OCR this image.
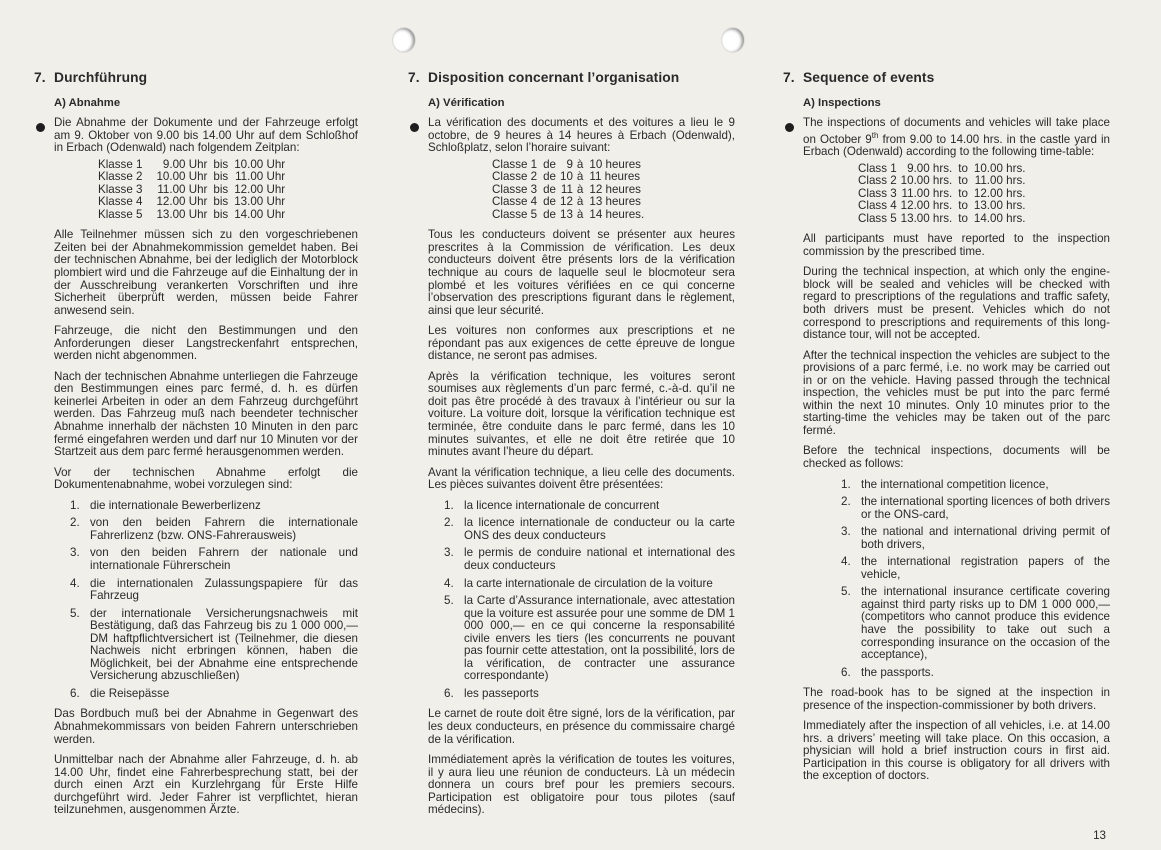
7. Durchführung
A) Abnahme

Die Abnahme der Dokumente und der Fahrzeuge erfolgt am 9. Oktober von 9.00 bis 14.00 Uhr auf dem Schloßhof in Erbach (Odenwald) nach folgendem Zeitplan:

Klasse 1	9.00 Uhr	bis	10.00 Uhr
Klasse 2	10.00 Uhr	bis	11.00 Uhr
Klasse 3	11.00 Uhr	bis	12.00 Uhr
Klasse 4	12.00 Uhr	bis	13.00 Uhr
Klasse 5	13.00 Uhr	bis	14.00 Uhr

Alle Teilnehmer müssen sich zu den vorgeschriebenen Zeiten bei der Abnahmekommission gemeldet haben. Bei der technischen Abnahme, bei der lediglich der Motorblock plombiert wird und die Fahrzeuge auf die Einhaltung der in der Ausschreibung verankerten Vorschriften und ihre Sicherheit überprüft werden, müssen beide Fahrer anwesend sein.

Fahrzeuge, die nicht den Bestimmungen und den Anforderungen dieser Langstreckenfahrt entsprechen, werden nicht abgenommen.

Nach der technischen Abnahme unterliegen die Fahrzeuge den Bestimmungen eines parc fermé, d. h. es dürfen keinerlei Arbeiten in oder an dem Fahrzeug durchgeführt werden. Das Fahrzeug muß nach beendeter technischer Abnahme innerhalb der nächsten 10 Minuten in den parc fermé eingefahren werden und darf nur 10 Minuten vor der Startzeit aus dem parc fermé herausgenommen werden.

Vor der technischen Abnahme erfolgt die Dokumentenabnahme, wobei vorzulegen sind:

1. die internationale Bewerberlizenz
2. von den beiden Fahrern die internationale Fahrerlizenz (bzw. ONS-Fahrerausweis)
3. von den beiden Fahrern der nationale und internationale Führerschein
4. die internationalen Zulassungspapiere für das Fahrzeug
5. der internationale Versicherungsnachweis mit Bestätigung, daß das Fahrzeug bis zu 1 000 000,— DM haftpflichtversichert ist (Teilnehmer, die diesen Nachweis nicht erbringen können, haben die Möglichkeit, bei der Abnahme eine entsprechende Versicherung abzuschließen)
6. die Reisepässe

Das Bordbuch muß bei der Abnahme in Gegenwart des Abnahmekommissars von beiden Fahrern unterschrieben werden.

Unmittelbar nach der Abnahme aller Fahrzeuge, d. h. ab 14.00 Uhr, findet eine Fahrerbesprechung statt, bei der durch einen Arzt ein Kurzlehrgang für Erste Hilfe durchgeführt wird. Jeder Fahrer ist verpflichtet, hieran teilzunehmen, ausgenommen Ärzte.

7. Disposition concernant l’organisation
A) Vérification

La vérification des documents et des voitures a lieu le 9 octobre, de 9 heures à 14 heures à Erbach (Odenwald), Schloßplatz, selon l’horaire suivant:

Classe 1	de	9	à	10 heures
Classe 2	de	10	à	11 heures
Classe 3	de	11	à	12 heures
Classe 4	de	12	à	13 heures
Classe 5	de	13	à	14 heures.

Tous les conducteurs doivent se présenter aux heures prescrites à la Commission de vérification. Les deux conducteurs doivent être présents lors de la vérification technique au cours de laquelle seul le blocmoteur sera plombé et les voitures vérifiées en ce qui concerne l’observation des prescriptions figurant dans le règlement, ainsi que leur sécurité.

Les voitures non conformes aux prescriptions et ne répondant pas aux exigences de cette épreuve de longue distance, ne seront pas admises.

Après la vérification technique, les voitures seront soumises aux règlements d’un parc fermé, c.-à-d. qu’il ne doit pas être procédé à des travaux à l’intérieur ou sur la voiture. La voiture doit, lorsque la vérification technique est terminée, être conduite dans le parc fermé, dans les 10 minutes suivantes, et elle ne doit être retirée que 10 minutes avant l’heure du départ.

Avant la vérification technique, a lieu celle des documents. Les pièces suivantes doivent être présentées:

1. la licence internationale de concurrent
2. la licence internationale de conducteur ou la carte ONS des deux conducteurs
3. le permis de conduire national et international des deux conducteurs
4. la carte internationale de circulation de la voiture
5. la Carte d’Assurance internationale, avec attestation que la voiture est assurée pour une somme de DM 1 000 000,— en ce qui concerne la responsabilité civile envers les tiers (les concurrents ne pouvant pas fournir cette attestation, ont la possibilité, lors de la vérification, de contracter une assurance correspondante)
6. les passeports

Le carnet de route doit être signé, lors de la vérification, par les deux conducteurs, en présence du commissaire chargé de la vérification.

Immédiatement après la vérification de toutes les voitures, il y aura lieu une réunion de conducteurs. Là un médecin donnera un cours bref pour les premiers secours. Participation est obligatoire pour tous pilotes (sauf médecins).

7. Sequence of events
A) Inspections

The inspections of documents and vehicles will take place on October 9th from 9.00 to 14.00 hrs. in the castle yard in Erbach (Odenwald) according to the following time-table:

Class 1	9.00 hrs.	to	10.00 hrs.
Class 2	10.00 hrs.	to	11.00 hrs.
Class 3	11.00 hrs.	to	12.00 hrs.
Class 4	12.00 hrs.	to	13.00 hrs.
Class 5	13.00 hrs.	to	14.00 hrs.

All participants must have reported to the inspection commission by the prescribed time.

During the technical inspection, at which only the engine-block will be sealed and vehicles will be checked with regard to prescriptions of the regulations and traffic safety, both drivers must be present. Vehicles which do not correspond to prescriptions and requirements of this long-distance tour, will not be accepted.

After the technical inspection the vehicles are subject to the provisions of a parc fermé, i.e. no work may be carried out in or on the vehicle. Having passed through the technical inspection, the vehicles must be put into the parc fermé within the next 10 minutes. Only 10 minutes prior to the starting-time the vehicles may be taken out of the parc fermé.

Before the technical inspections, documents will be checked as follows:

1. the international competition licence,
2. the international sporting licences of both drivers or the ONS-card,
3. the national and international driving permit of both drivers,
4. the international registration papers of the vehicle,
5. the international insurance certificate covering against third party risks up to DM 1 000 000,— (competitors who cannot produce this evidence have the possibility to take out such a corresponding insurance on the occasion of the acceptance),
6. the passports.

The road-book has to be signed at the inspection in presence of the inspection-commissioner by both drivers.

Immediately after the inspection of all vehicles, i.e. at 14.00 hrs. a drivers’ meeting will take place. On this occasion, a physician will hold a brief instruction cours in first aid. Participation in this course is obligatory for all drivers with the exception of doctors.

13
